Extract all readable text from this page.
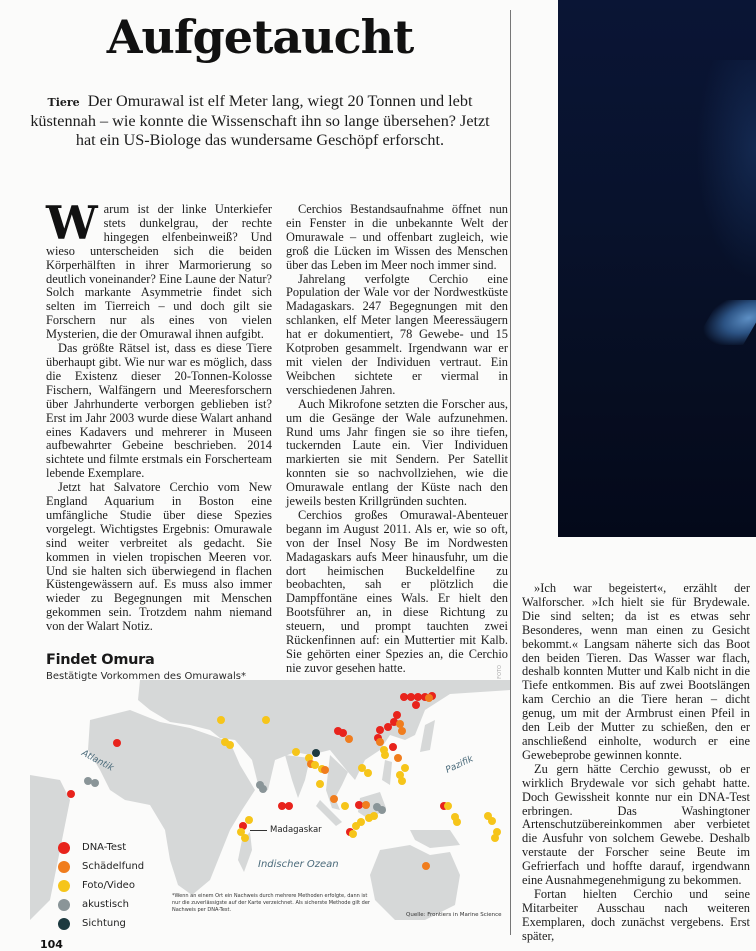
Aufgetaucht
Tiere Der Omurawal ist elf Meter lang, wiegt 20 Tonnen und lebt küstennah – wie konnte die Wissenschaft ihn so lange übersehen? Jetzt hat ein US-Biologe das wundersame Geschöpf erforscht.

Warum ist der linke Unterkiefer stets dunkelgrau, der rechte hingegen elfenbeinweiß? Und wieso unterscheiden sich die beiden Körperhälften in ihrer Marmorierung so deutlich voneinander? Eine Laune der Natur? Solch markante Asymmetrie findet sich selten im Tierreich – und doch gilt sie Forschern nur als eines von vielen Mysterien, die der Omurawal ihnen aufgibt.

Das größte Rätsel ist, dass es diese Tiere überhaupt gibt. Wie nur war es möglich, dass die Existenz dieser 20-Tonnen-Kolosse Fischern, Walfängern und Meeresforschern über Jahrhunderte verborgen geblieben ist? Erst im Jahr 2003 wurde diese Walart anhand eines Kadavers und mehrerer in Museen aufbewahrter Gebeine beschrieben. 2014 sichtete und filmte erstmals ein Forscherteam lebende Exemplare.

Jetzt hat Salvatore Cerchio vom New England Aquarium in Boston eine umfängliche Studie über diese Spezies vorgelegt. Wichtigstes Ergebnis: Omurawale sind weiter verbreitet als gedacht. Sie kommen in vielen tropischen Meeren vor. Und sie halten sich überwiegend in flachen Küstengewässern auf. Es muss also immer wieder zu Begegnungen mit Menschen gekommen sein. Trotzdem nahm niemand von der Walart Notiz.

Cerchios Bestandsaufnahme öffnet nun ein Fenster in die unbekannte Welt der Omurawale – und offenbart zugleich, wie groß die Lücken im Wissen des Menschen über das Leben im Meer noch immer sind.

Jahrelang verfolgte Cerchio eine Population der Wale vor der Nordwestküste Madagaskars. 247 Begegnungen mit den schlanken, elf Meter langen Meeressäugern hat er dokumentiert, 78 Gewebe- und 15 Kotproben gesammelt. Irgendwann war er mit vielen der Individuen vertraut. Ein Weibchen sichtete er viermal in verschiedenen Jahren.

Auch Mikrofone setzten die Forscher aus, um die Gesänge der Wale aufzunehmen. Rund ums Jahr fingen sie so ihre tiefen, tuckernden Laute ein. Vier Individuen markierten sie mit Sendern. Per Satellit konnten sie so nachvollziehen, wie die Omurawale entlang der Küste nach den jeweils besten Krillgründen suchten.

Cerchios großes Omurawal-Abenteuer begann im August 2011. Als er, wie so oft, von der Insel Nosy Be im Nordwesten Madagaskars aufs Meer hinausfuhr, um die dort heimischen Buckeldelfine zu beobachten, sah er plötzlich die Dampffontäne eines Wals. Er hielt den Bootsführer an, in diese Richtung zu steuern, und prompt tauchten zwei Rückenfinnen auf: ein Muttertier mit Kalb. Sie gehörten einer Spezies an, die Cerchio nie zuvor gesehen hatte.

»Ich war begeistert«, erzählt der Walforscher. »Ich hielt sie für Brydewale. Die sind selten; da ist es etwas sehr Besonderes, wenn man einen zu Gesicht bekommt.« Langsam näherte sich das Boot den beiden Tieren. Das Wasser war flach, deshalb konnten Mutter und Kalb nicht in die Tiefe entkommen. Bis auf zwei Bootslängen kam Cerchio an die Tiere heran – dicht genug, um mit der Armbrust einen Pfeil in den Leib der Mutter zu schießen, den er anschließend einholte, wodurch er eine Gewebeprobe gewinnen konnte.

Zu gern hätte Cerchio gewusst, ob er wirklich Brydewale vor sich gehabt hatte. Doch Gewissheit konnte nur ein DNA-Test erbringen. Das Washingtoner Artenschutzübereinkommen aber verbietet die Ausfuhr von solchem Gewebe. Deshalb verstaute der Forscher seine Beute im Gefrierfach und hoffte darauf, irgendwann eine Ausnahmegenehmigung zu bekommen.

Fortan hielten Cerchio und seine Mitarbeiter Ausschau nach weiteren Exemplaren, doch zunächst vergebens. Erst später,

Findet Omura
Bestätigte Vorkommen des Omurawals*
Atlantik	Pazifik
Indischer Ozean
Madagaskar
FOTO
DNA-Test
Schädelfund
Foto/Video
akustisch
Sichtung
*Wenn an einem Ort ein Nachweis durch mehrere Methoden erfolgte, dann ist nur die zuverlässigste auf der Karte verzeichnet. Als sicherste Methode gilt der Nachweis per DNA-Test.
Quelle: Frontiers in Marine Science
104
